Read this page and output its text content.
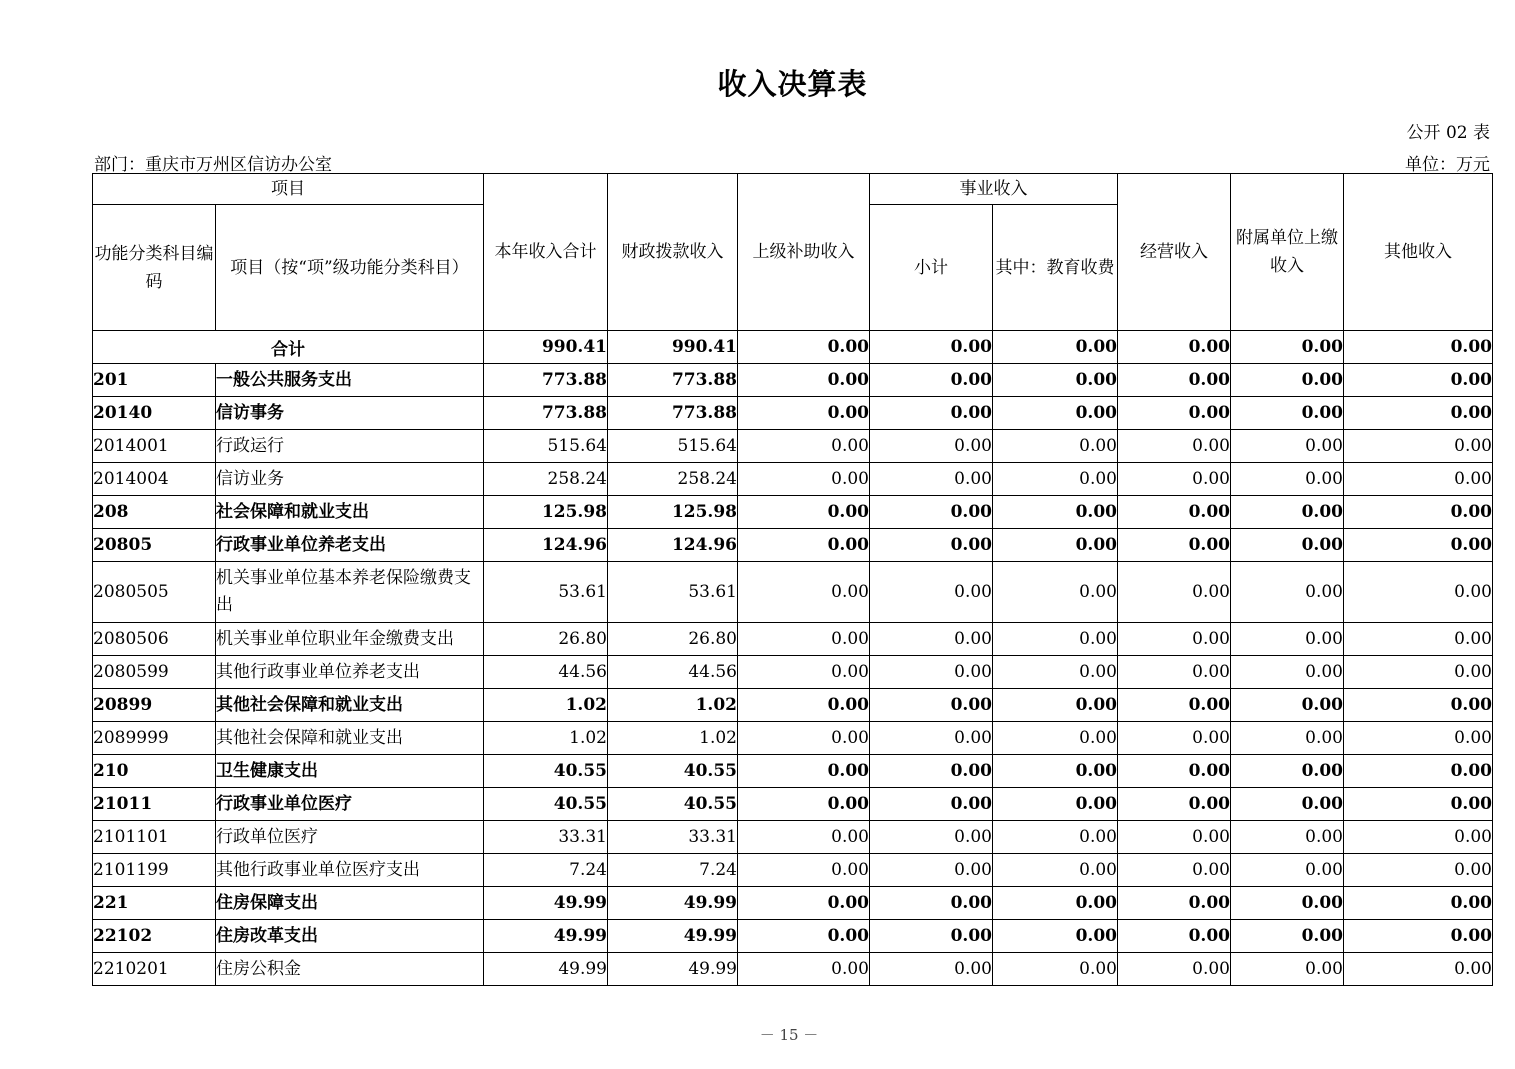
收入决算表
公开 02 表
部门：重庆市万州区信访办公室	单位：万元
项目		本年收入合计	财政拨款收入	上级补助收入	事业收入		经营收入	附属单位上缴收入	其他收入
功能分类科目编码	项目（按“项”级功能分类科目）				小计	其中：教育收费			
合计		990.41	990.41	0.00	0.00	0.00	0.00	0.00	0.00
201	一般公共服务支出	773.88	773.88	0.00	0.00	0.00	0.00	0.00	0.00
20140	信访事务	773.88	773.88	0.00	0.00	0.00	0.00	0.00	0.00
2014001	行政运行	515.64	515.64	0.00	0.00	0.00	0.00	0.00	0.00
2014004	信访业务	258.24	258.24	0.00	0.00	0.00	0.00	0.00	0.00
208	社会保障和就业支出	125.98	125.98	0.00	0.00	0.00	0.00	0.00	0.00
20805	行政事业单位养老支出	124.96	124.96	0.00	0.00	0.00	0.00	0.00	0.00
2080505	机关事业单位基本养老保险缴费支出	53.61	53.61	0.00	0.00	0.00	0.00	0.00	0.00
2080506	机关事业单位职业年金缴费支出	26.80	26.80	0.00	0.00	0.00	0.00	0.00	0.00
2080599	其他行政事业单位养老支出	44.56	44.56	0.00	0.00	0.00	0.00	0.00	0.00
20899	其他社会保障和就业支出	1.02	1.02	0.00	0.00	0.00	0.00	0.00	0.00
2089999	其他社会保障和就业支出	1.02	1.02	0.00	0.00	0.00	0.00	0.00	0.00
210	卫生健康支出	40.55	40.55	0.00	0.00	0.00	0.00	0.00	0.00
21011	行政事业单位医疗	40.55	40.55	0.00	0.00	0.00	0.00	0.00	0.00
2101101	行政单位医疗	33.31	33.31	0.00	0.00	0.00	0.00	0.00	0.00
2101199	其他行政事业单位医疗支出	7.24	7.24	0.00	0.00	0.00	0.00	0.00	0.00
221	住房保障支出	49.99	49.99	0.00	0.00	0.00	0.00	0.00	0.00
22102	住房改革支出	49.99	49.99	0.00	0.00	0.00	0.00	0.00	0.00
2210201	住房公积金	49.99	49.99	0.00	0.00	0.00	0.00	0.00	0.00
－ 15 －
